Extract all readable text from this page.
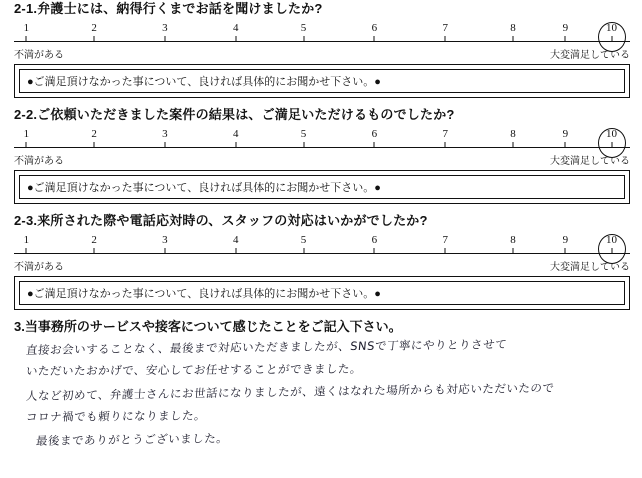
2-1.弁護士には、納得行くまでお話を聞けましたか?
1	2	3	4	5	6	7	8	9	10
不満がある	大変満足している
●ご満足頂けなかった事について、良ければ具体的にお聞かせ下さい。●
2-2.ご依頼いただきました案件の結果は、ご満足いただけるものでしたか?
1	2	3	4	5	6	7	8	9	10
不満がある	大変満足している
●ご満足頂けなかった事について、良ければ具体的にお聞かせ下さい。●
2-3.来所された際や電話応対時の、スタッフの対応はいかがでしたか?
1	2	3	4	5	6	7	8	9	10
不満がある	大変満足している
●ご満足頂けなかった事について、良ければ具体的にお聞かせ下さい。●
3.当事務所のサービスや接客について感じたことをご記入下さい。
直接お会いすることなく、最後まで対応いただきましたが、SNSで丁寧にやりとりさせて
いただいたおかげで、安心してお任せすることができました。
人など初めて、弁護士さんにお世話になりましたが、遠くはなれた場所からも対応いただいたので
コロナ禍でも頼りになりました。
最後までありがとうございました。
